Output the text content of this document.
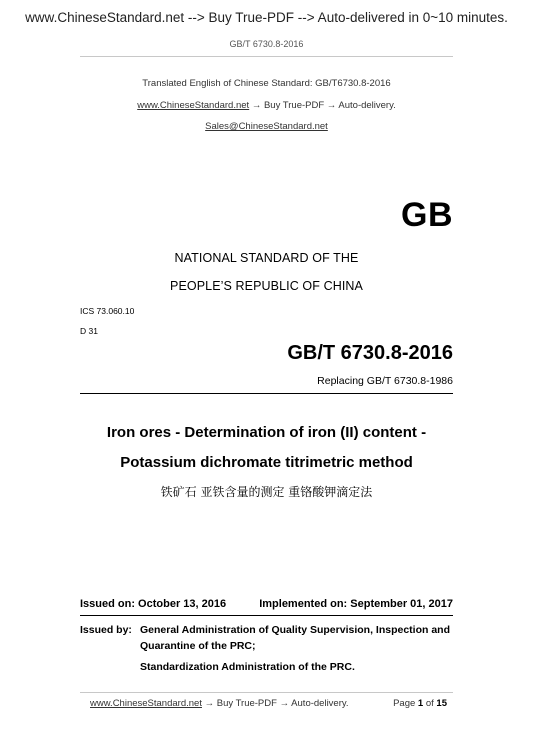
www.ChineseStandard.net --> Buy True-PDF --> Auto-delivered in 0~10 minutes.
GB/T 6730.8-2016
Translated English of Chinese Standard: GB/T6730.8-2016
www.ChineseStandard.net → Buy True-PDF → Auto-delivery.
Sales@ChineseStandard.net
GB
NATIONAL STANDARD OF THE
PEOPLE’S REPUBLIC OF CHINA
ICS 73.060.10
D 31
GB/T 6730.8-2016
Replacing GB/T 6730.8-1986
Iron ores - Determination of iron (II) content -
Potassium dichromate titrimetric method
铁矿石 亚铁含量的测定 重铬酸钾滴定法
Issued on: October 13, 2016	Implemented on: September 01, 2017
Issued by: General Administration of Quality Supervision, Inspection and
Quarantine of the PRC;
Standardization Administration of the PRC.
www.ChineseStandard.net → Buy True-PDF → Auto-delivery.	Page 1 of 15
